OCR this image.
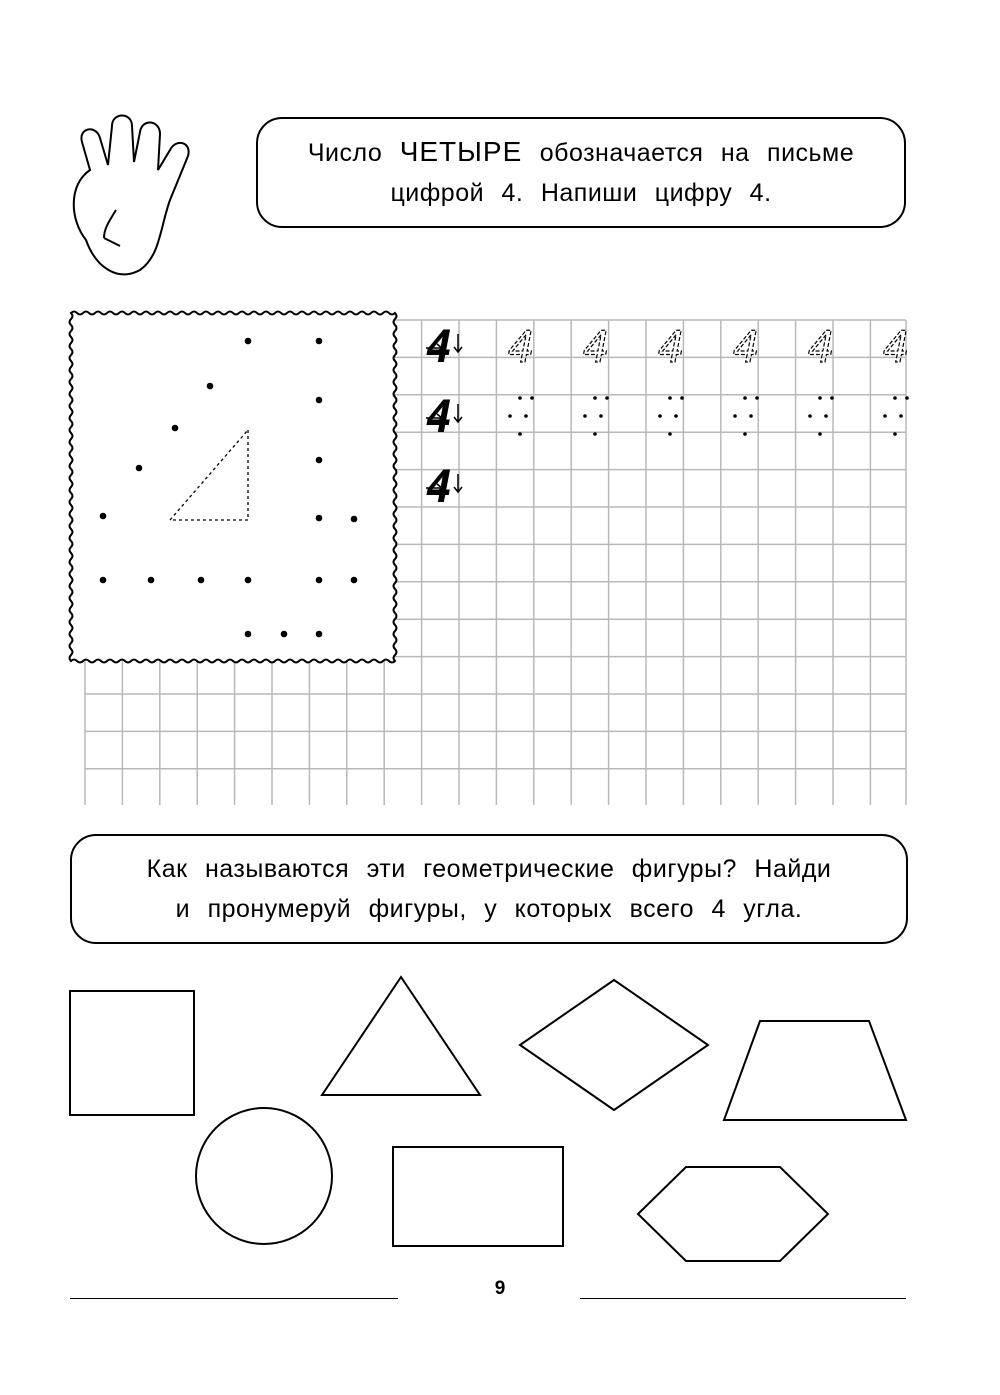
Число ЧЕТЫРЕ обозначается на письме
цифрой 4. Напиши цифру 4.
4 4 4 4 4 4 4
4
4
Как называются эти геометрические фигуры? Найди
и пронумеруй фигуры, у которых всего 4 угла.
9
